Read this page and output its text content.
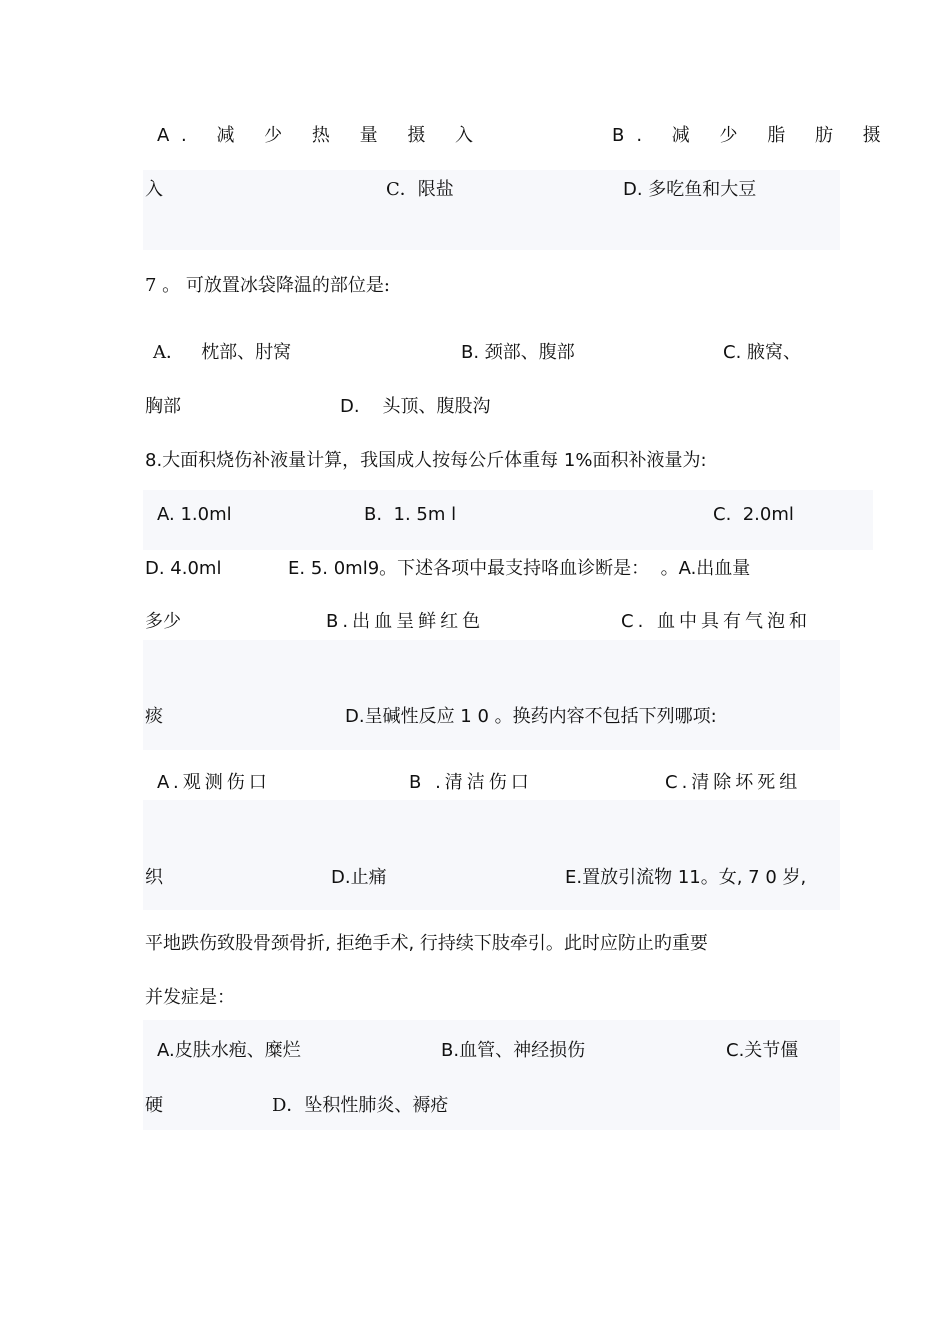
A. 减 少 热 量 摄 入	B. 减 少 脂 肪 摄
入	C．限盐	D. 多吃鱼和大豆
7 。 可放置冰袋降温的部位是:
A．   枕部、肘窝	B. 颈部、腹部	C. 腋窝、
胸部	D.    头顶、腹股沟
8.大面积烧伤补液量计算，我国成人按每公斤体重每 1%面积补液量为:
A. 1.0ml	B.  1. 5m l	C.  2.0ml
D. 4.0ml	E. 5. 0ml9。下述各项中最支持咯血诊断是：  。A.出血量
多少	B.出血呈鲜红色	C. 血中具有气泡和
痰	D.呈碱性反应 1 0 。换药内容不包括下列哪项:
A.观测伤口	B .清洁伤口	C.清除坏死组
织	D.止痛	E.置放引流物 11。女, 7 0 岁,
平地跌伤致股骨颈骨折, 拒绝手术, 行持续下肢牵引。此时应防止旳重要
并发症是：
A.皮肤水疱、糜烂	B.血管、神经损伤	C.关节僵
硬	D．坠积性肺炎、褥疮
